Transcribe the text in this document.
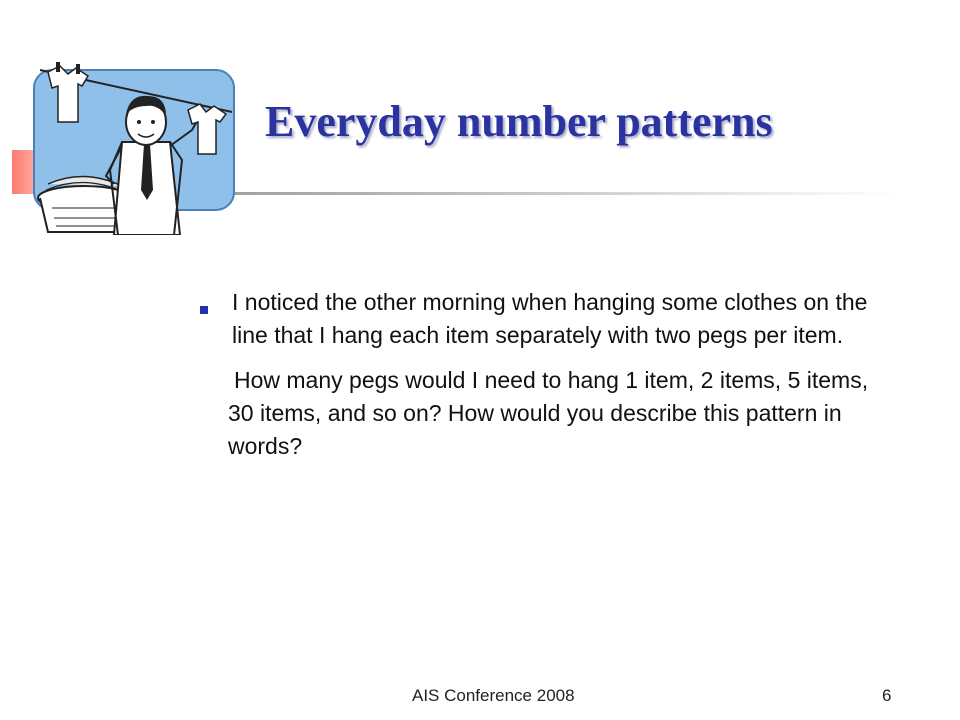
Everyday number patterns

I noticed the other morning when hanging some clothes on the line that I hang each item separately with two pegs per item.

How many pegs would I need to hang 1 item, 2 items, 5 items, 30 items, and so on? How would you describe this pattern in words?

AIS Conference 2008	6
